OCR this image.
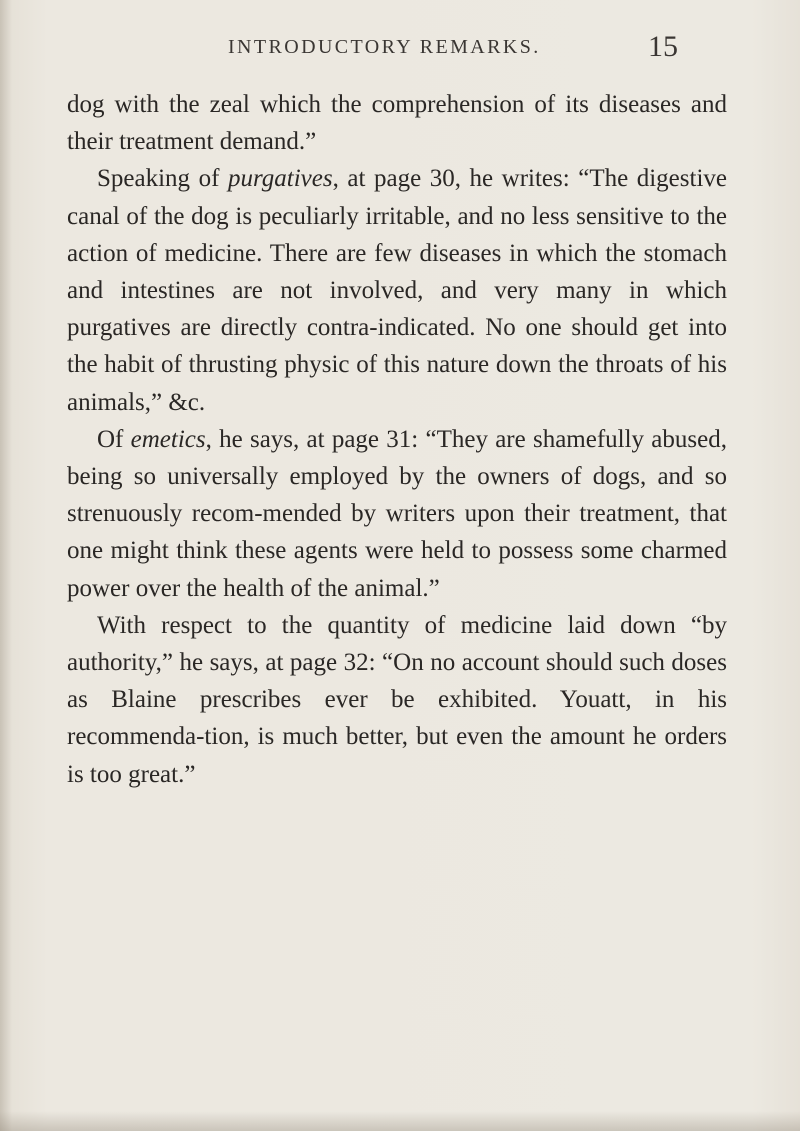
INTRODUCTORY REMARKS.	15

dog with the zeal which the comprehension of its diseases and their treatment demand.”

Speaking of purgatives, at page 30, he writes: “The digestive canal of the dog is peculiarly irritable, and no less sensitive to the action of medicine. There are few diseases in which the stomach and intestines are not involved, and very many in which purgatives are directly contra-indicated. No one should get into the habit of thrusting physic of this nature down the throats of his animals,” &c.

Of emetics, he says, at page 31: “They are shamefully abused, being so universally employed by the owners of dogs, and so strenuously recom-mended by writers upon their treatment, that one might think these agents were held to possess some charmed power over the health of the animal.”

With respect to the quantity of medicine laid down “by authority,” he says, at page 32: “On no account should such doses as Blaine prescribes ever be exhibited. Youatt, in his recommenda-tion, is much better, but even the amount he orders is too great.”
